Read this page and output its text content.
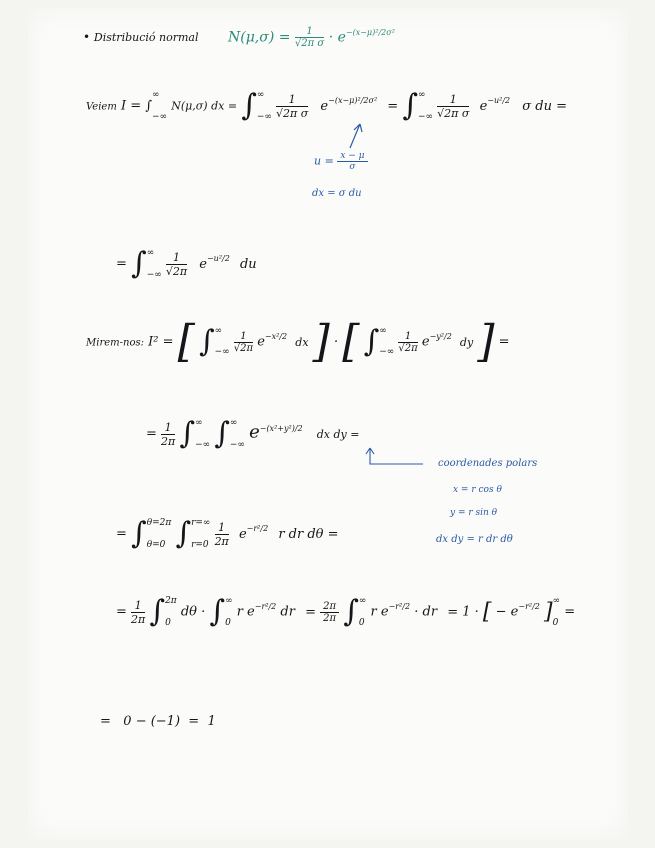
• Distribució normal $N(\mu,\sigma) = \frac{1}{\text{√2π σ}} \cdot e^{-(x-\mu)^2/2\sigma^2}$
Veiem I = ∫∞

−∞ N(μ,σ) dx = ∫∞

−∞ $\frac{1}{\text{√2π σ}} e^{-(x-\mu)^2/2\sigma^2}$ = ∫∞

−∞ $\frac{1}{\text{√2π σ}} e^{-u^2/2}$ σ du =
$u = \frac{x - \mu}{\sigma}$
dx = σ du
= ∫∞

−∞ $\frac{1}{√2\pi} e^{-u^2/2}$ du
Mirem-nos: I² = [ ∫∞

−∞ $\frac{1}{√2\pi} e^{-x^2/2}$ dx ] · [ ∫∞

−∞ $\frac{1}{√2\pi} e^{-y^2/2}$ dy ] =
= $\frac{1}{2\pi}$ ∫∞

−∞ ∫∞

−∞ $e^{-(x^2+y^2)/2}$ dx dy =
coordenades polars
x = r cos θ
y = r sin θ
dx dy = r dr dθ
= ∫θ=2π

θ=0 ∫r=∞

$r=0 \frac{1}{2\pi} e^{-r^2/2}$ r dr dθ =
= $\frac{1}{2\pi} \int 2\pi$

0 dθ · ∫∞

0 r $e^{-r^2/2}$ dr = $\frac{2\pi}{2\pi}$ ∫∞

0 r $e^{-r^2/2}$ · dr = 1 · [ − $e^{-r^2/2}$ ]∞

0 =
=   0 − (−1)  =  1
